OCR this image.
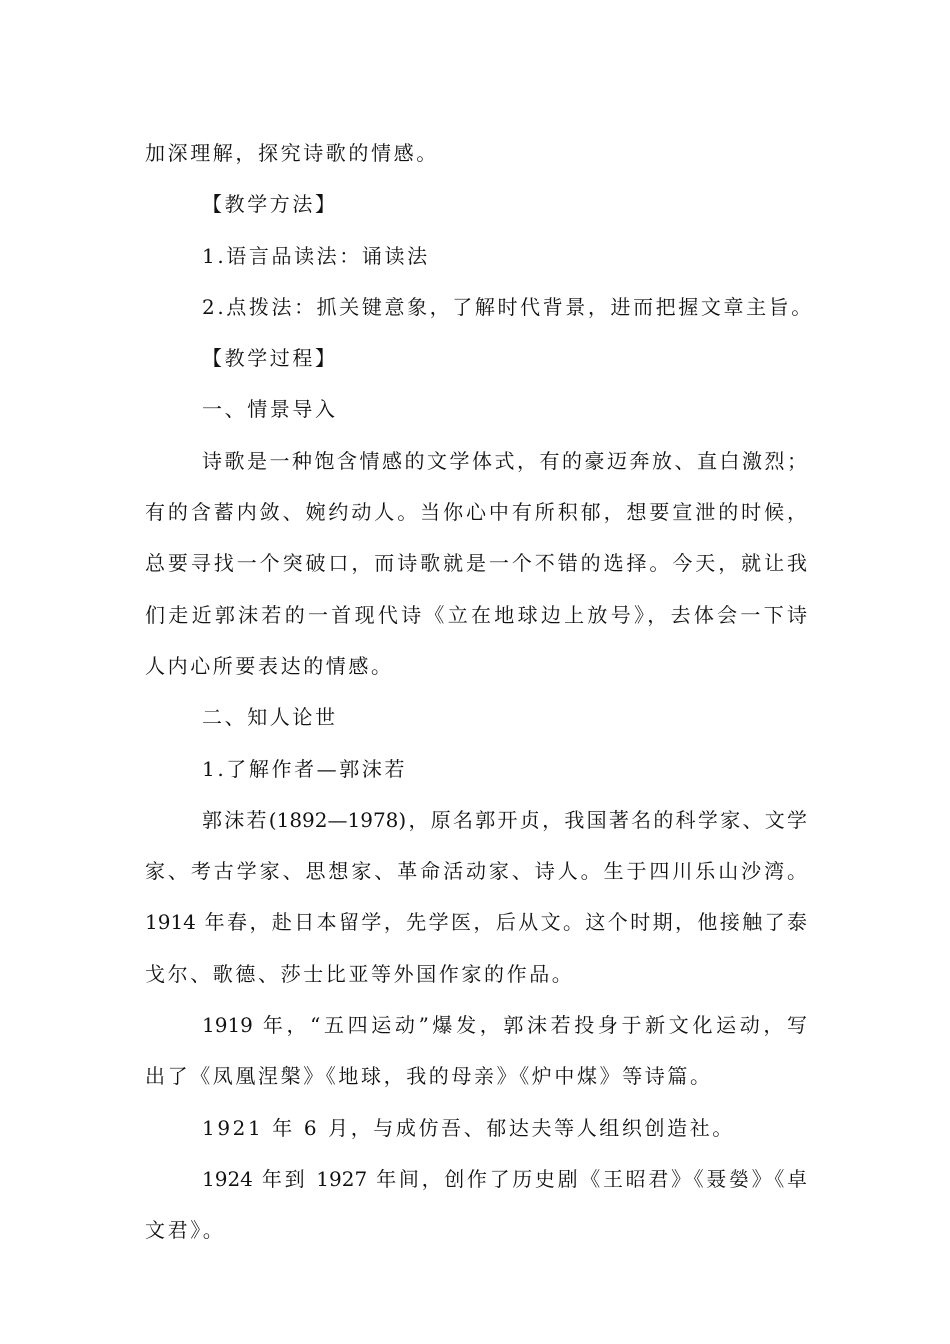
加深理解，探究诗歌的情感。
【教学方法】
1.语言品读法：诵读法
2.点拨法：抓关键意象，了解时代背景，进而把握文章主旨。
【教学过程】
一、情景导入
诗歌是一种饱含情感的文学体式，有的豪迈奔放、直白激烈；
有的含蓄内敛、婉约动人。当你心中有所积郁，想要宣泄的时候，
总要寻找一个突破口，而诗歌就是一个不错的选择。今天，就让我
们走近郭沫若的一首现代诗《立在地球边上放号》，去体会一下诗
人内心所要表达的情感。
二、知人论世
1.了解作者—郭沫若
郭沫若(1892—1978)，原名郭开贞，我国著名的科学家、文学
家、考古学家、思想家、革命活动家、诗人。生于四川乐山沙湾。
1914 年春，赴日本留学，先学医，后从文。这个时期，他接触了泰
戈尔、歌德、莎士比亚等外国作家的作品。
1919 年，“五四运动”爆发，郭沫若投身于新文化运动，写
出了《凤凰涅槃》《地球，我的母亲》《炉中煤》等诗篇。
1921 年 6 月，与成仿吾、郁达夫等人组织创造社。
1924 年到 1927 年间，创作了历史剧《王昭君》《聂嫈》《卓
文君》。
